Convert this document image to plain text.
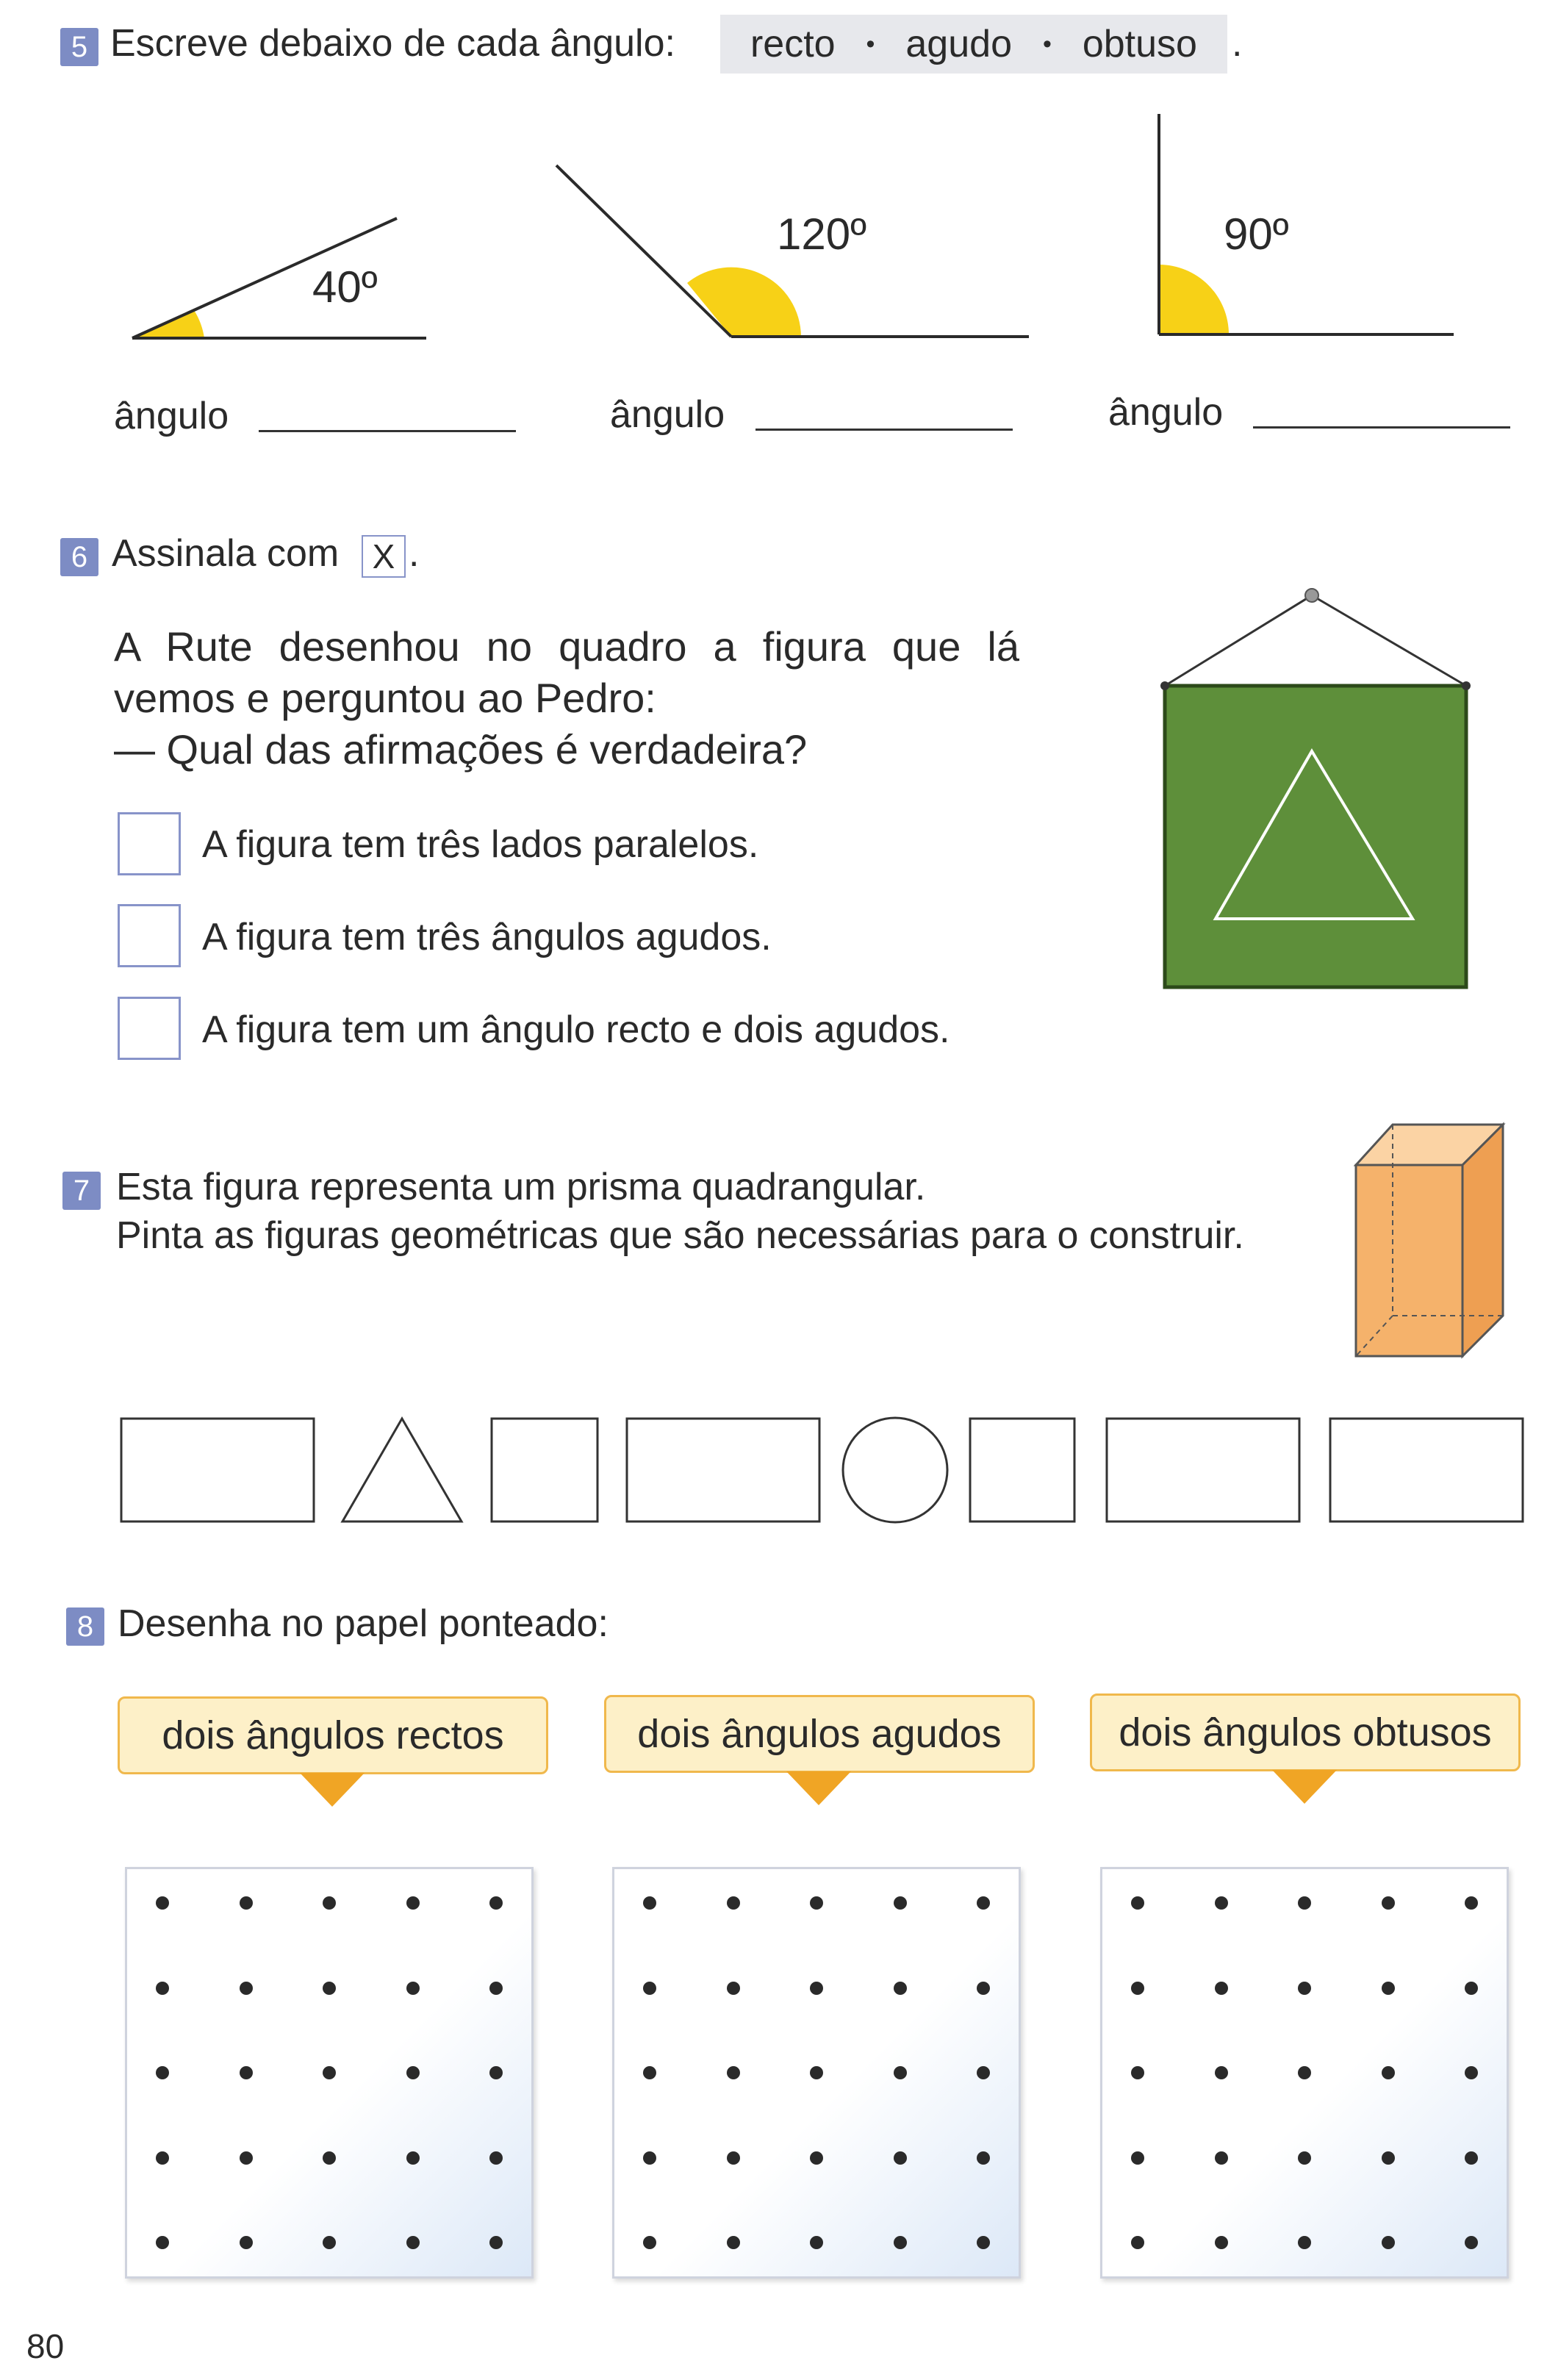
5 Escreve debaixo de cada ângulo: recto • agudo • obtuso .
40º
120º	90º
ângulo	ângulo	ângulo
6 Assinala com X .
A Rute desenhou no quadro a figura que lá
vemos e perguntou ao Pedro:
— Qual das afirmações é verdadeira?
A figura tem três lados paralelos.
A figura tem três ângulos agudos.
A figura tem um ângulo recto e dois agudos.
7 Esta figura representa um prisma quadrangular.
Pinta as figuras geométricas que são necessárias para o construir.
8 Desenha no papel ponteado:
dois ângulos rectos	dois ângulos agudos	dois ângulos obtusos
80
